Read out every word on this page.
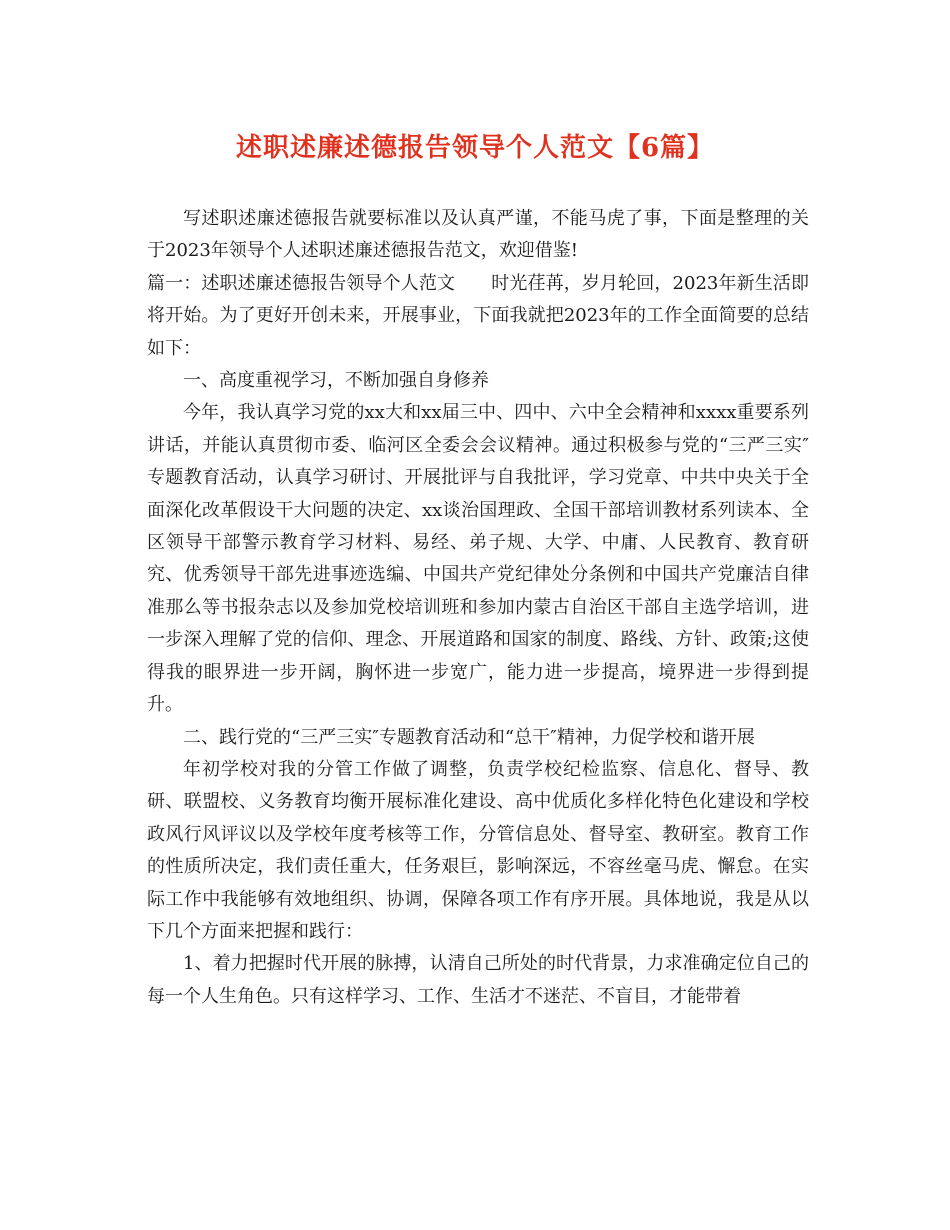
述职述廉述德报告领导个人范文【6篇】

写述职述廉述德报告就要标准以及认真严谨，不能马虎了事，下面是整理的关于2023年领导个人述职述廉述德报告范文，欢迎借鉴!

篇一：述职述廉述德报告领导个人范文 时光荏苒，岁月轮回，2023年新生活即将开始。为了更好开创未来，开展事业，下面我就把2023年的工作全面简要的总结如下：

一、高度重视学习，不断加强自身修养

今年，我认真学习党的xx大和xx届三中、四中、六中全会精神和xxxx重要系列讲话，并能认真贯彻市委、临河区全委会会议精神。通过积极参与党的“三严三实″专题教育活动，认真学习研讨、开展批评与自我批评，学习党章、中共中央关于全面深化改革假设干大问题的决定、xx谈治国理政、全国干部培训教材系列读本、全区领导干部警示教育学习材料、易经、弟子规、大学、中庸、人民教育、教育研究、优秀领导干部先进事迹选编、中国共产党纪律处分条例和中国共产党廉洁自律准那么等书报杂志以及参加党校培训班和参加内蒙古自治区干部自主选学培训，进一步深入理解了党的信仰、理念、开展道路和国家的制度、路线、方针、政策;这使得我的眼界进一步开阔，胸怀进一步宽广，能力进一步提高，境界进一步得到提升。

二、践行党的“三严三实″专题教育活动和“总干″精神，力促学校和谐开展

年初学校对我的分管工作做了调整，负责学校纪检监察、信息化、督导、教研、联盟校、义务教育均衡开展标准化建设、高中优质化多样化特色化建设和学校政风行风评议以及学校年度考核等工作，分管信息处、督导室、教研室。教育工作的性质所决定，我们责任重大，任务艰巨，影响深远，不容丝毫马虎、懈怠。在实际工作中我能够有效地组织、协调，保障各项工作有序开展。具体地说，我是从以下几个方面来把握和践行：

1、着力把握时代开展的脉搏，认清自己所处的时代背景，力求准确定位自己的每一个人生角色。只有这样学习、工作、生活才不迷茫、不盲目，才能带着
